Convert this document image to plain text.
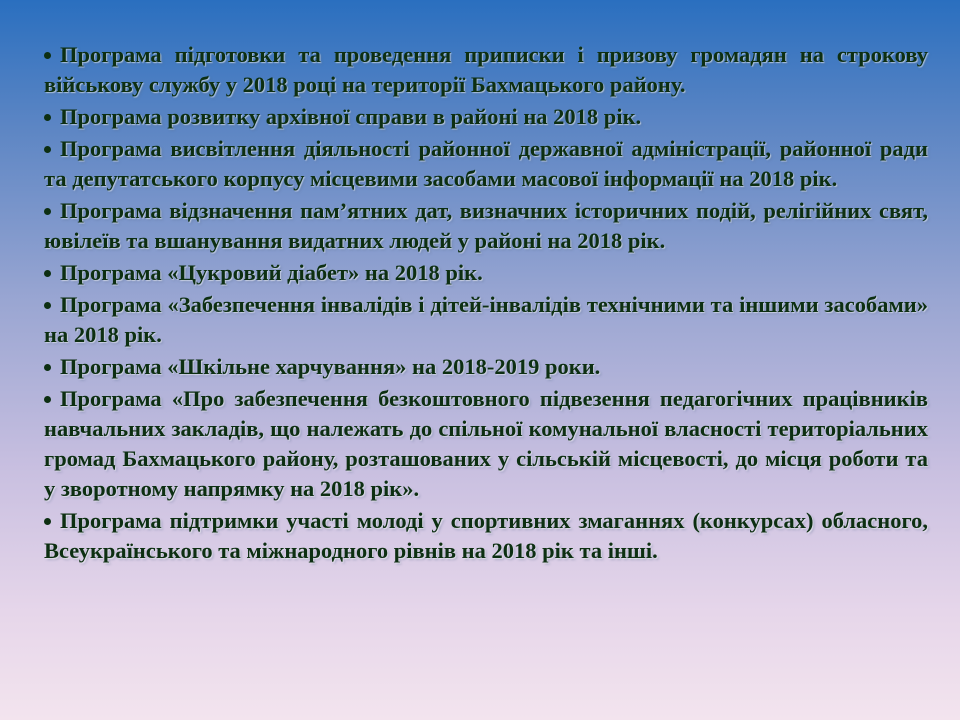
Програма підготовки та проведення приписки і призову громадян на строкову військову службу у 2018 році на території Бахмацького району.
Програма розвитку архівної справи в районі на 2018 рік.
Програма висвітлення діяльності районної державної адміністрації, районної ради та депутатського корпусу місцевими засобами масової інформації на 2018 рік.
Програма відзначення пам’ятних дат, визначних історичних подій, релігійних свят, ювілеїв та вшанування видатних людей у районі на 2018 рік.
Програма «Цукровий діабет» на 2018 рік.
Програма «Забезпечення інвалідів і дітей-інвалідів технічними та іншими засобами» на 2018 рік.
Програма «Шкільне харчування» на 2018-2019 роки.
Програма «Про забезпечення безкоштовного підвезення педагогічних працівників навчальних закладів, що належать до спільної комунальної власності територіальних громад Бахмацького району, розташованих у сільській місцевості, до місця роботи та у зворотному напрямку на 2018 рік».
Програма підтримки участі молоді у спортивних змаганнях (конкурсах) обласного, Всеукраїнського та міжнародного рівнів на 2018 рік та інші.
